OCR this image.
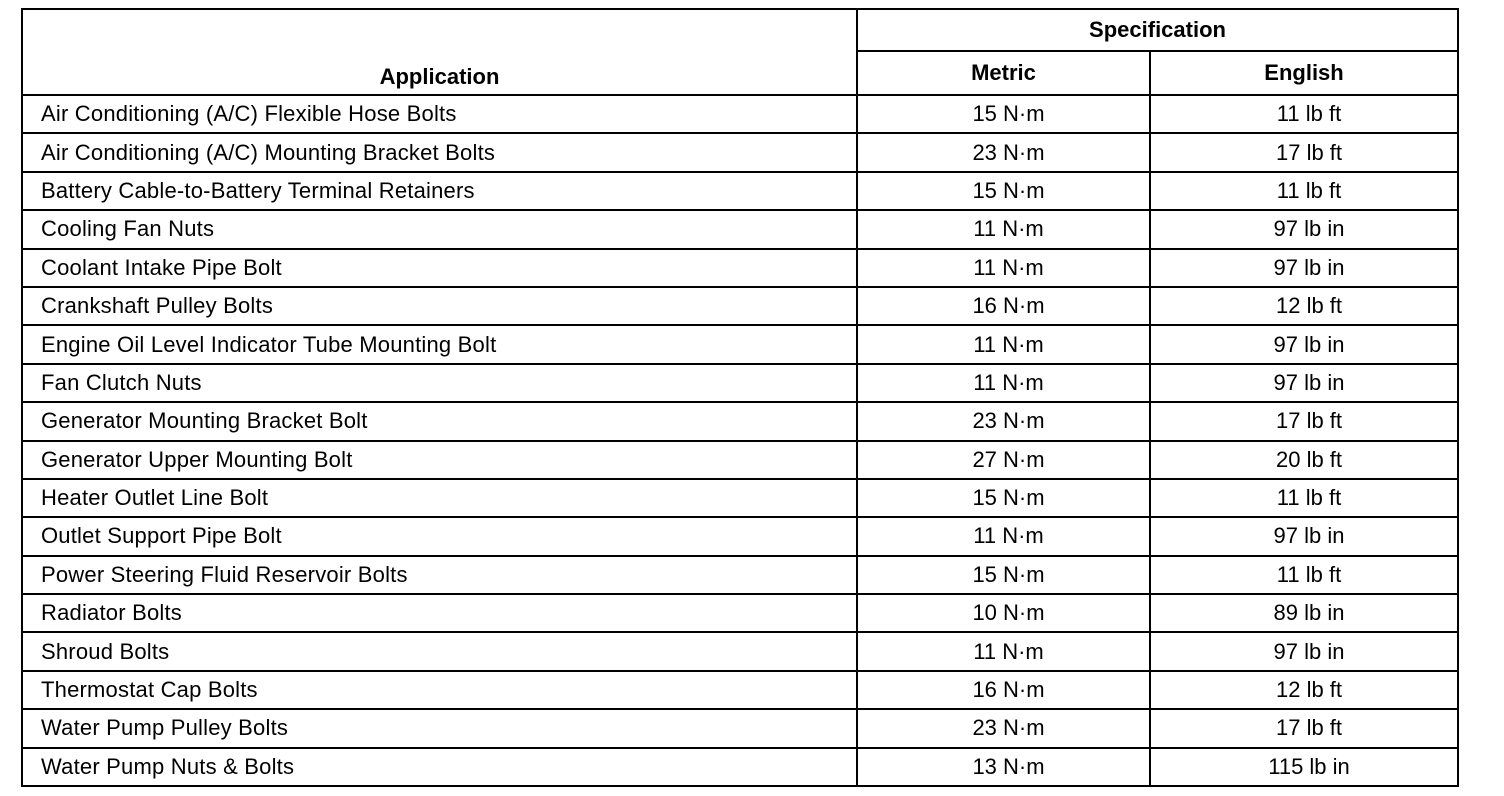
Application	Specification	
	Metric	English
Air Conditioning (A/C) Flexible Hose Bolts	15 N·m	11 lb ft
Air Conditioning (A/C) Mounting Bracket Bolts	23 N·m	17 lb ft
Battery Cable-to-Battery Terminal Retainers	15 N·m	11 lb ft
Cooling Fan Nuts	11 N·m	97 lb in
Coolant Intake Pipe Bolt	11 N·m	97 lb in
Crankshaft Pulley Bolts	16 N·m	12 lb ft
Engine Oil Level Indicator Tube Mounting Bolt	11 N·m	97 lb in
Fan Clutch Nuts	11 N·m	97 lb in
Generator Mounting Bracket Bolt	23 N·m	17 lb ft
Generator Upper Mounting Bolt	27 N·m	20 lb ft
Heater Outlet Line Bolt	15 N·m	11 lb ft
Outlet Support Pipe Bolt	11 N·m	97 lb in
Power Steering Fluid Reservoir Bolts	15 N·m	11 lb ft
Radiator Bolts	10 N·m	89 lb in
Shroud Bolts	11 N·m	97 lb in
Thermostat Cap Bolts	16 N·m	12 lb ft
Water Pump Pulley Bolts	23 N·m	17 lb ft
Water Pump Nuts & Bolts	13 N·m	115 lb in
